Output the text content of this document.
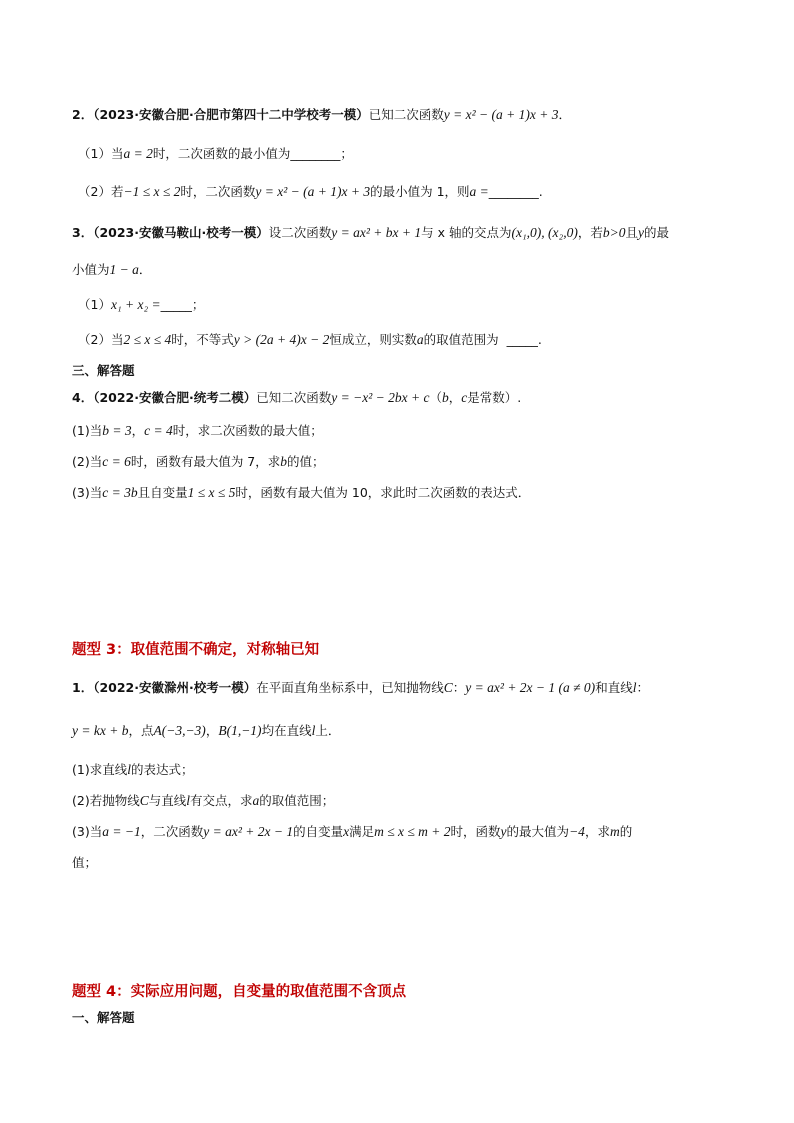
2．（2023·安徽合肥·合肥市第四十二中学校考一模）已知二次函数y = x² − (a + 1)x + 3．
（1）当a = 2时，二次函数的最小值为________；
（2）若−1 ≤ x ≤ 2时，二次函数y = x² − (a + 1)x + 3的最小值为 1，则a =________.
3．（2023·安徽马鞍山·校考一模）设二次函数y = ax² + bx + 1与 x 轴的交点为(x₁,0), (x₂,0)，若b>0且y的最
小值为1 − a．
（1）x₁ + x₂ =_____；
（2）当2 ≤ x ≤ 4时，不等式y > (2a + 4)x − 2恒成立，则实数a的取值范围为 _____.
三、解答题
4．（2022·安徽合肥·统考二模）已知二次函数y = −x² − 2bx + c（b，c是常数）.
(1)当b = 3，c = 4时，求二次函数的最大值；
(2)当c = 6时，函数有最大值为 7，求b的值；
(3)当c = 3b且自变量1 ≤ x ≤ 5时，函数有最大值为 10，求此时二次函数的表达式．
题型 3：取值范围不确定，对称轴已知
1．（2022·安徽滁州·校考一模）在平面直角坐标系中，已知抛物线C：y = ax² + 2x − 1 (a ≠ 0)和直线l：
y = kx + b，点A(−3,−3)，B(1,−1)均在直线l上．
(1)求直线l的表达式；
(2)若抛物线C与直线l有交点，求a的取值范围；
(3)当a = −1，二次函数y = ax² + 2x − 1的自变量x满足m ≤ x ≤ m + 2时，函数y的最大值为−4，求m的
值；
题型 4：实际应用问题，自变量的取值范围不含顶点
一、解答题
